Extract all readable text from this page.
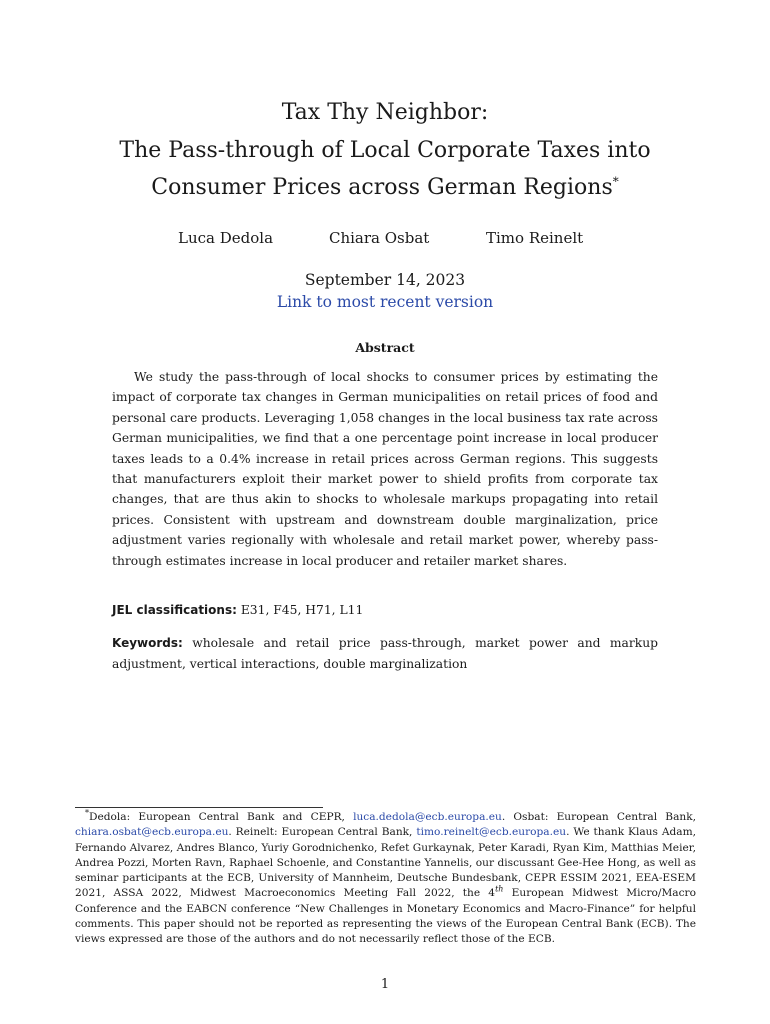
Tax Thy Neighbor:
The Pass-through of Local Corporate Taxes into
Consumer Prices across German Regions*
Luca Dedola	Chiara Osbat	Timo Reinelt
September 14, 2023
Link to most recent version
Abstract
We study the pass-through of local shocks to consumer prices by estimating the impact of corporate tax changes in German municipalities on retail prices of food and personal care products. Leveraging 1,058 changes in the local business tax rate across German municipalities, we find that a one percentage point increase in local producer taxes leads to a 0.4% increase in retail prices across German regions. This suggests that manufacturers exploit their market power to shield profits from corporate tax changes, that are thus akin to shocks to wholesale markups propagating into retail prices. Consistent with upstream and downstream double marginalization, price adjustment varies regionally with wholesale and retail market power, whereby pass-through estimates increase in local producer and retailer market shares.
JEL classifications: E31, F45, H71, L11
Keywords: wholesale and retail price pass-through, market power and markup adjustment, vertical interactions, double marginalization
*Dedola: European Central Bank and CEPR, luca.dedola@ecb.europa.eu. Osbat: European Central Bank, chiara.osbat@ecb.europa.eu. Reinelt: European Central Bank, timo.reinelt@ecb.europa.eu. We thank Klaus Adam, Fernando Alvarez, Andres Blanco, Yuriy Gorodnichenko, Refet Gurkaynak, Peter Karadi, Ryan Kim, Matthias Meier, Andrea Pozzi, Morten Ravn, Raphael Schoenle, and Constantine Yannelis, our discussant Gee-Hee Hong, as well as seminar participants at the ECB, University of Mannheim, Deutsche Bundesbank, CEPR ESSIM 2021, EEA-ESEM 2021, ASSA 2022, Midwest Macroeconomics Meeting Fall 2022, the 4th European Midwest Micro/Macro Conference and the EABCN conference “New Challenges in Monetary Economics and Macro-Finance” for helpful comments. This paper should not be reported as representing the views of the European Central Bank (ECB). The views expressed are those of the authors and do not necessarily reflect those of the ECB.
1
